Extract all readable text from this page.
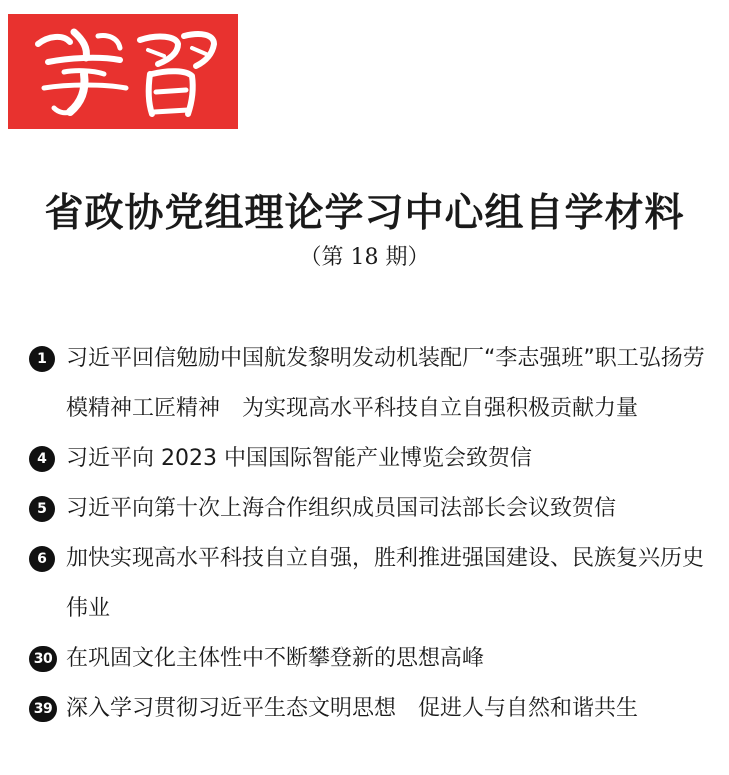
省政协党组理论学习中心组自学材料
（第 18 期）
1 习近平回信勉励中国航发黎明发动机装配厂“李志强班”职工弘扬劳模精神工匠精神　为实现高水平科技自立自强积极贡献力量
4 习近平向 2023 中国国际智能产业博览会致贺信
5 习近平向第十次上海合作组织成员国司法部长会议致贺信
6 加快实现高水平科技自立自强，胜利推进强国建设、民族复兴历史伟业
30 在巩固文化主体性中不断攀登新的思想高峰
39 深入学习贯彻习近平生态文明思想　促进人与自然和谐共生
